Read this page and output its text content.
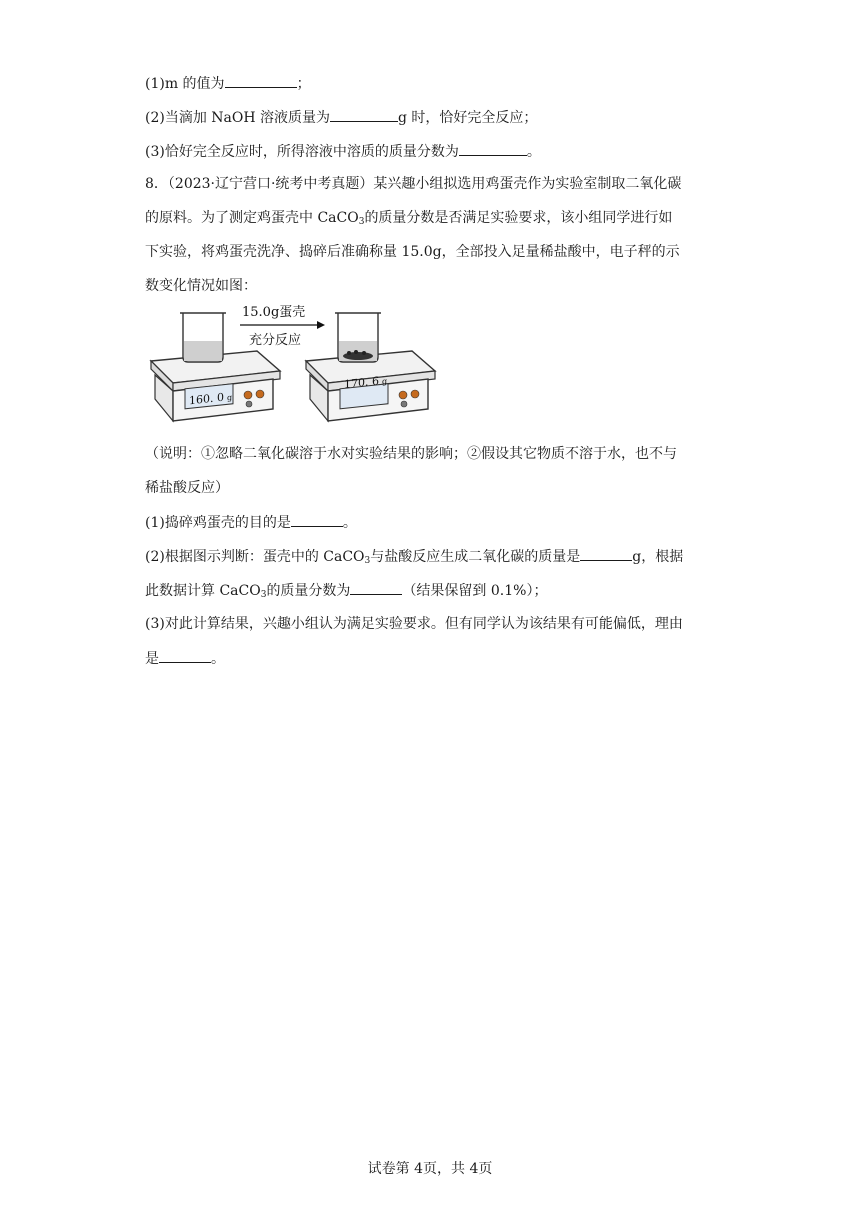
(1)m 的值为	；
(2)当滴加 NaOH 溶液质量为	g 时，恰好完全反应；
(3)恰好完全反应时，所得溶液中溶质的质量分数为	。
8．（2023·辽宁营口·统考中考真题）某兴趣小组拟选用鸡蛋壳作为实验室制取二氧化碳
的原料。为了测定鸡蛋壳中 CaCO$_3$的质量分数是否满足实验要求，该小组同学进行如
下实验，将鸡蛋壳洗净、捣碎后准确称量 15.0g，全部投入足量稀盐酸中，电子秤的示
数变化情况如图：
160. 0 g
15.0g蛋壳
充分反应
170. 6 g
（说明：①忽略二氧化碳溶于水对实验结果的影响；②假设其它物质不溶于水，也不与
稀盐酸反应）
(1)捣碎鸡蛋壳的目的是	。
(2)根据图示判断：蛋壳中的 CaCO$_3$与盐酸反应生成二氧化碳的质量是	g，根据
此数据计算 CaCO$_3$的质量分数为	（结果保留到 0.1%）；
(3)对此计算结果，兴趣小组认为满足实验要求。但有同学认为该结果有可能偏低，理由
是	。
试卷第 4页，共 4页
